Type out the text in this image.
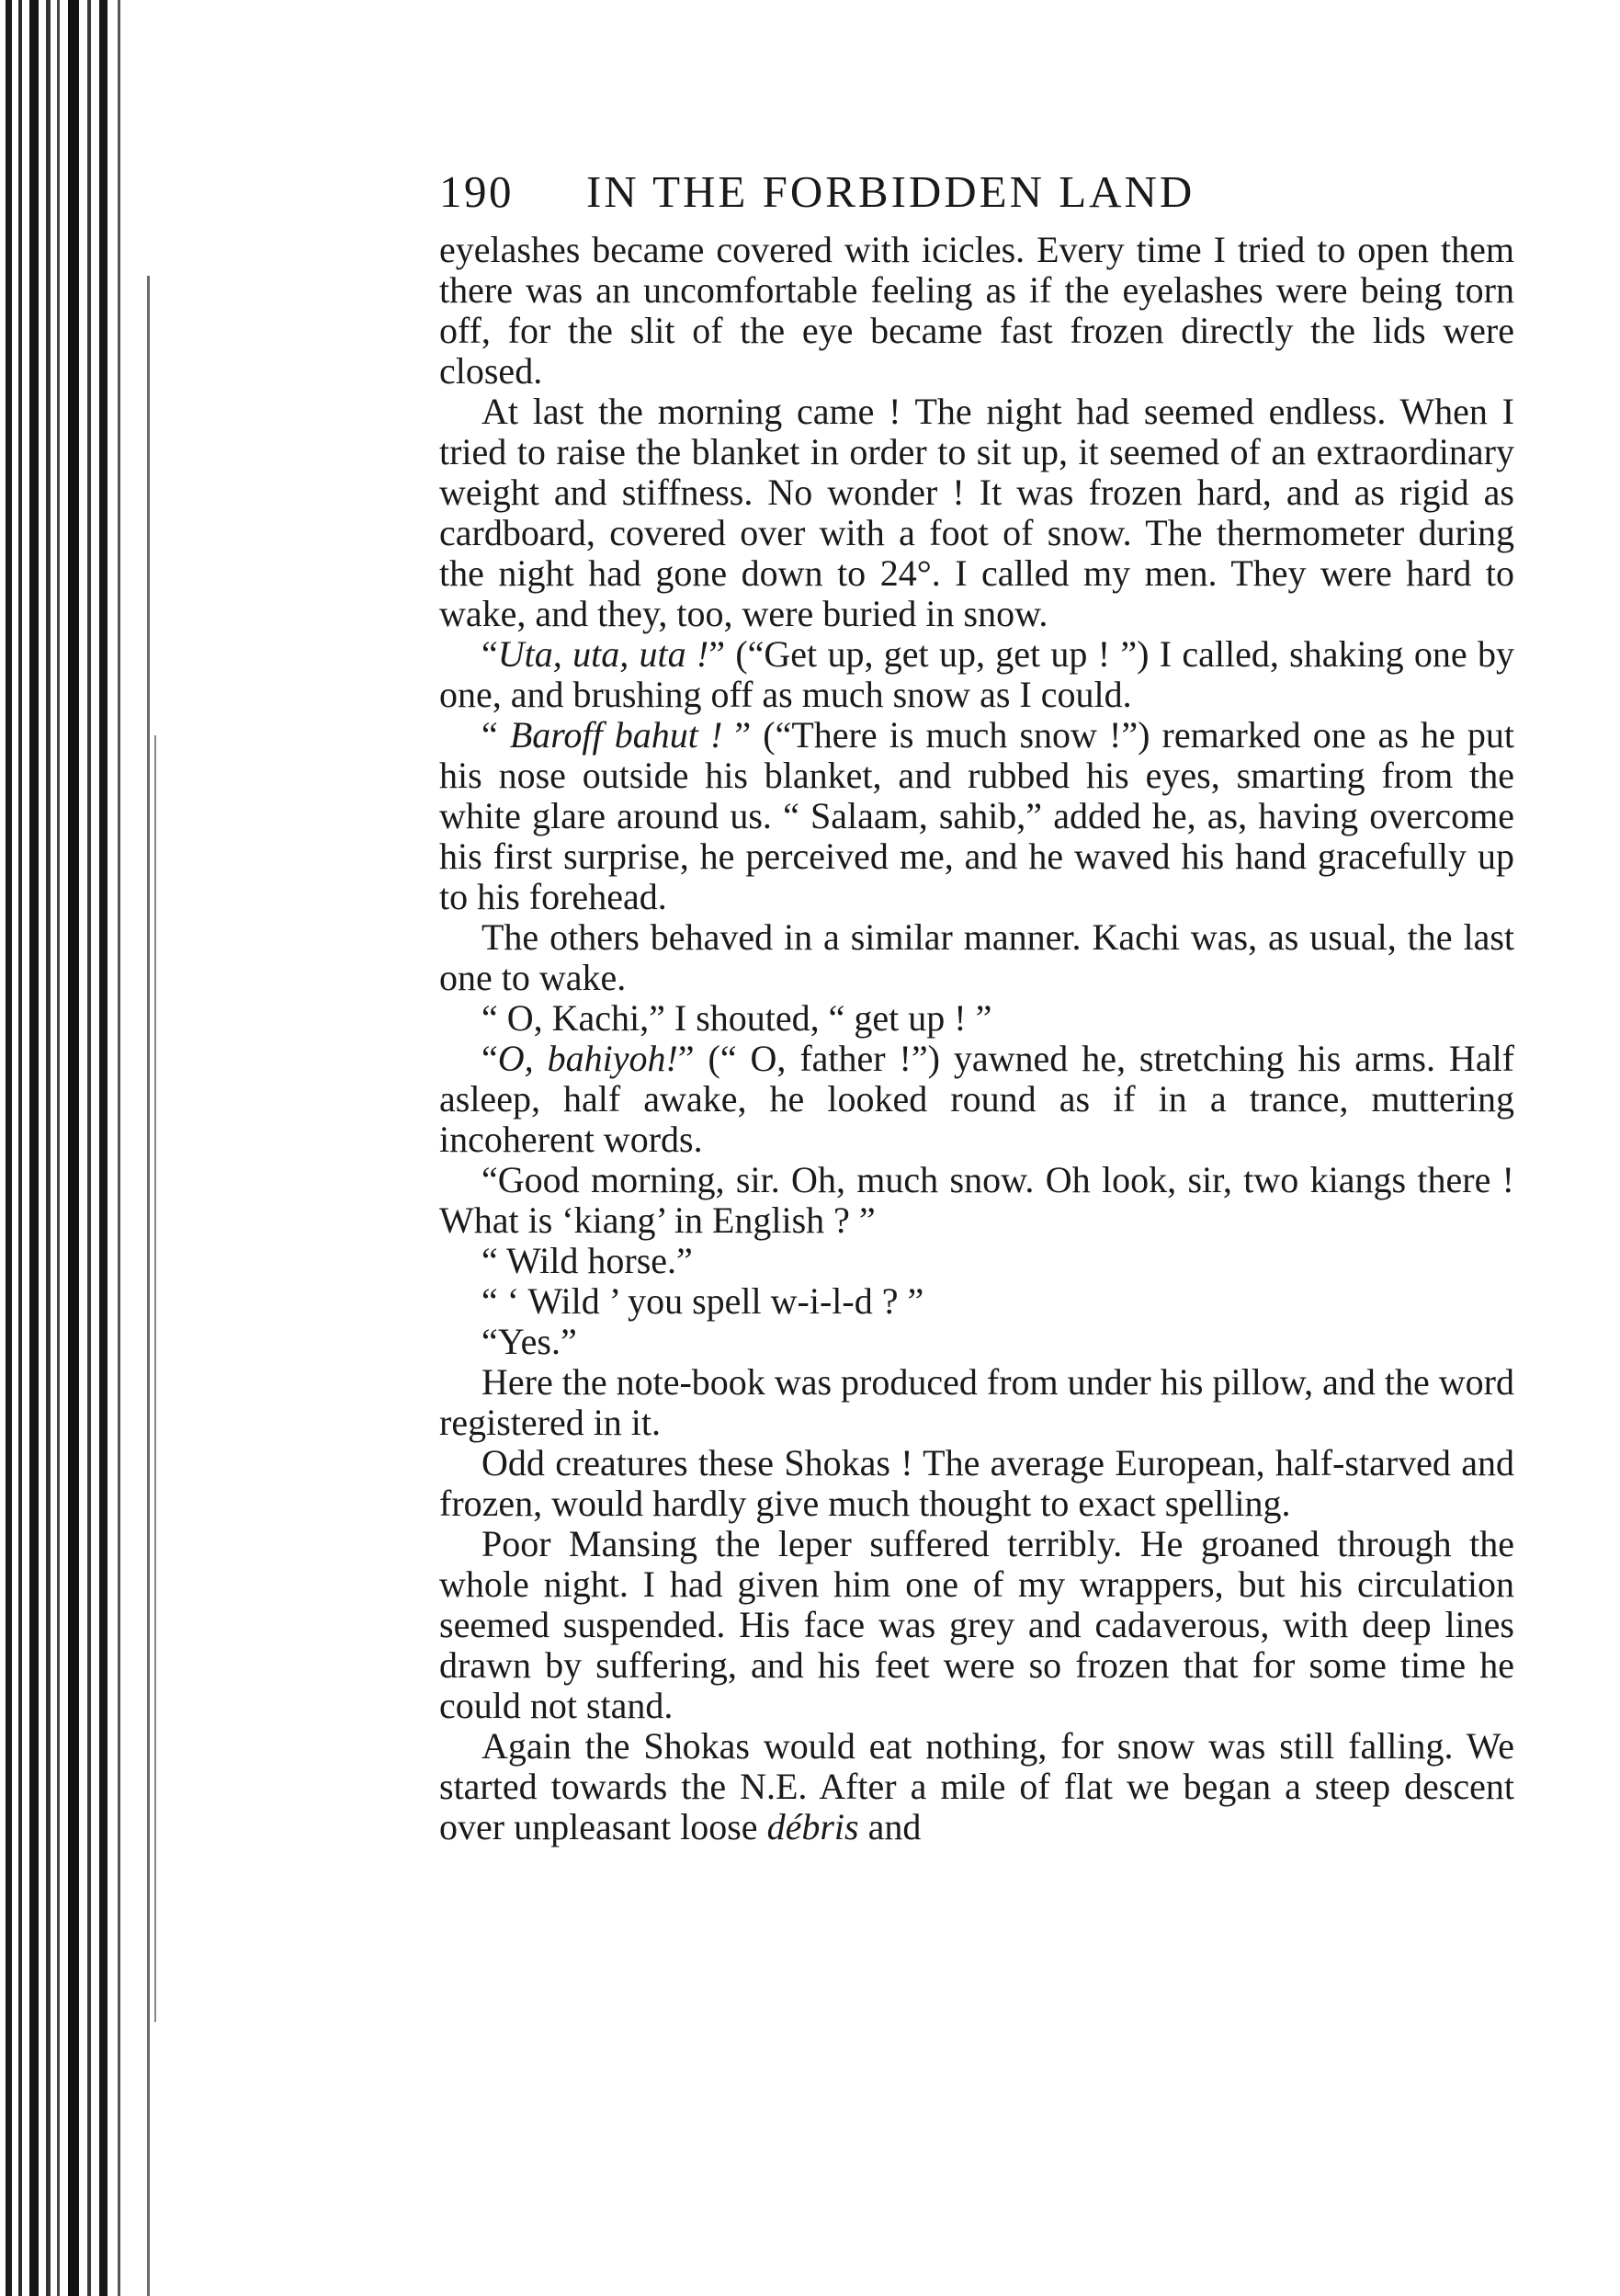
190	IN THE FORBIDDEN LAND

eyelashes became covered with icicles. Every time I tried to open them there was an uncomfortable feeling as if the eyelashes were being torn off, for the slit of the eye became fast frozen directly the lids were closed.

At last the morning came ! The night had seemed endless. When I tried to raise the blanket in order to sit up, it seemed of an extraordinary weight and stiffness. No wonder ! It was frozen hard, and as rigid as cardboard, covered over with a foot of snow. The thermometer during the night had gone down to 24°. I called my men. They were hard to wake, and they, too, were buried in snow.

“Uta, uta, uta !” (“Get up, get up, get up ! ”) I called, shaking one by one, and brushing off as much snow as I could.

“ Baroff bahut ! ” (“There is much snow !”) remarked one as he put his nose outside his blanket, and rubbed his eyes, smarting from the white glare around us. “ Salaam, sahib,” added he, as, having overcome his first surprise, he perceived me, and he waved his hand gracefully up to his forehead.

The others behaved in a similar manner. Kachi was, as usual, the last one to wake.

“ O, Kachi,” I shouted, “ get up ! ”

“O, bahiyoh!” (“ O, father !”) yawned he, stretching his arms. Half asleep, half awake, he looked round as if in a trance, muttering incoherent words.

“Good morning, sir. Oh, much snow. Oh look, sir, two kiangs there ! What is ‘kiang’ in English ? ”

“ Wild horse.”

“ ‘ Wild ’ you spell w-i-l-d ? ”

“Yes.”

Here the note-book was produced from under his pillow, and the word registered in it.

Odd creatures these Shokas ! The average European, half-starved and frozen, would hardly give much thought to exact spelling.

Poor Mansing the leper suffered terribly. He groaned through the whole night. I had given him one of my wrappers, but his circulation seemed suspended. His face was grey and cadaverous, with deep lines drawn by suffering, and his feet were so frozen that for some time he could not stand.

Again the Shokas would eat nothing, for snow was still falling. We started towards the N.E. After a mile of flat we began a steep descent over unpleasant loose débris and
